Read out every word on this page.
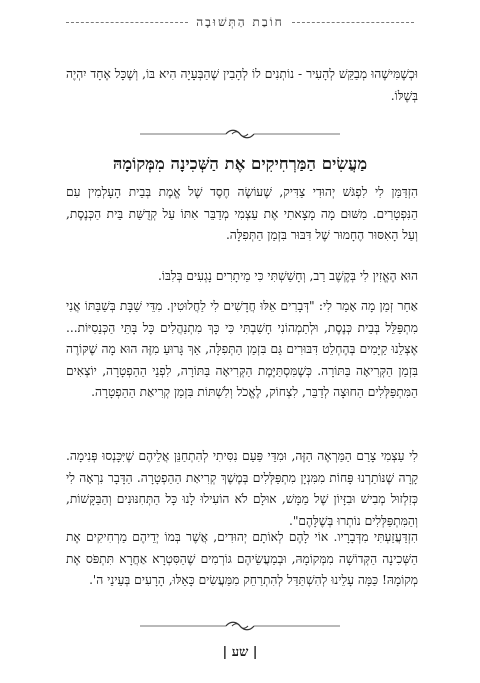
חוֹבַת הַתְּשׁוּבָה

וּכְשֶׁמִּישֶׁהוּ מְבַקֵּשׁ לְהָעִיר - נוֹתְנִים לוֹ לְהָבִין שֶׁהַבְּעָיָה הִיא בּוֹ, וְשֶׁכָּל אֶחָד יִהְיֶה בְּשֶׁלּוֹ.

מַעֲשִׂים הַמַּרְחִיקִים אֶת הַשְּׁכִינָה מִמְּקוֹמָהּ

הִזְדַּמַּן לִי לִפְגֹּשׁ יְהוּדִי צַדִּיק, שֶׁעוֹשֶׂה חֶסֶד שֶׁל אֱמֶת בְּבֵית הָעָלְמִין עִם הַנִּפְטָרִים. מִשּׁוּם מָה מָצָאתִי אֶת עַצְמִי מְדַבֵּר אִתּוֹ עַל קְדֻשַּׁת בֵּית הַכְּנֶסֶת, וְעַל הָאִסּוּר הֶחָמוּר שֶׁל דִּבּוּר בִּזְמַן הַתְּפִלָּה.

הוּא הֶאֱזִין לִי בְּקֶשֶׁב רַב, וְחָשַׁשְׁתִּי כִּי מֵיתָרִים נָגְעִים בְּלִבּוֹ.

אַחַר זְמַן מָה אָמַר לִי: "דְּבָרִים אֵלּוּ חֲדָשִׁים לִי לַחֲלוּטִין. מִדֵּי שַׁבָּת בְּשַׁבַּתּוֹ אֲנִי מִתְפַּלֵּל בְּבֵית כְּנֶסֶת, וּלְתַמְהוֹנִי חָשַׁבְתִּי כִּי כָּךְ מִתְנַהֲלִים כָּל בָּתֵּי הַכְּנֵסִיּוֹת... אֶצְלֵנוּ קַיָּמִים בְּהֶחְלֵט דִּבּוּרִים גַּם בִּזְמַן הַתְּפִלָּה, אַךְ גָּרוּעַ מִזֶּה הוּא מָה שֶׁקּוֹרֶה בִּזְמַן הַקְּרִיאָה בַּתּוֹרָה. כְּשֶׁמִּסְתַּיֶּמֶת הַקְּרִיאָה בַּתּוֹרָה, לִפְנֵי הַהַפְטָרָה, יוֹצְאִים הַמִּתְפַּלְּלִים הַחוּצָה לְדַבֵּר, לִצְחוֹק, לֶאֱכֹל וְלִשְׁתּוֹת בִּזְמַן קְרִיאַת הַהַפְטָרָה.

לִי עַצְמִי צָרַם הַמַּרְאֶה הַזֶּה, וּמִדֵּי פַּעַם נִסִּיתִי לְהִתְחַנֵּן אֲלֵיהֶם שֶׁיִּכָּנְסוּ פְּנִימָה. קָרָה שֶׁנּוֹתַרְנוּ פָּחוֹת מִמִּנְיָן מִתְפַּלְּלִים בְּמֶשֶׁךְ קְרִיאַת הַהַפְטָרָה. הַדָּבָר נִרְאָה לִי כְּזִלְזוּל מְבִישׁ וּבִזָּיוֹן שֶׁל מַמָּשׁ, אוּלָם לֹא הוֹעִילוּ לָנוּ כָּל הַתְּחִנּוּנִים וְהַבַּקָּשׁוֹת, וְהַמִּתְפַּלְּלִים נוֹתְרוּ בְּשֶׁלָּהֶם".

הִזְדַּעֲזַעְתִּי מִדְּבָרָיו. אוֹי לָהֶם לְאוֹתָם יְהוּדִים, אֲשֶׁר בְּמוֹ יְדֵיהֶם מַרְחִיקִים אֶת הַשְּׁכִינָה הַקְּדוֹשָׁה מִמְּקוֹמָהּ, וּבְמַעֲשֵׂיהֶם גּוֹרְמִים שֶׁהַסִּטְרָא אַחֲרָא תִּתְפֹּס אֶת מְקוֹמָהּ! כַּמָּה עָלֵינוּ לְהִשְׁתַּדֵּל לְהִתְרַחֵק מִמַּעֲשִׂים כָּאֵלּוּ, הָרָעִים בְּעֵינֵי ה'.

| שע |
